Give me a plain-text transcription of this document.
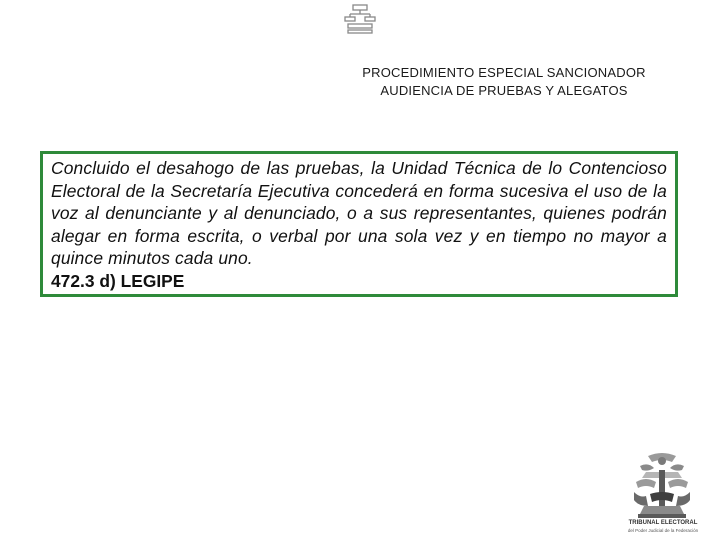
PROCEDIMIENTO ESPECIAL SANCIONADOR
AUDIENCIA DE PRUEBAS Y ALEGATOS

Concluido el desahogo de las pruebas, la Unidad Técnica de lo Contencioso Electoral de la Secretaría Ejecutiva concederá en forma sucesiva el uso de la voz al denunciante y al denunciado, o a sus representantes, quienes podrán alegar en forma escrita, o verbal por una sola vez y en tiempo no mayor a quince minutos cada uno.

472.3 d) LEGIPE

TRIBUNAL ELECTORAL
del Poder Judicial de la Federación
